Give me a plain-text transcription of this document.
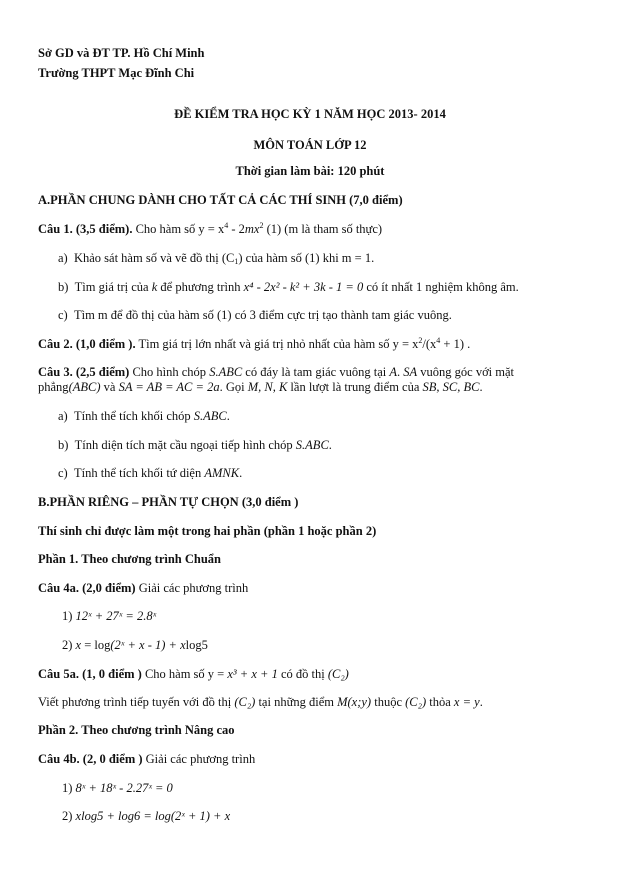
Sở GD và ĐT TP. Hồ Chí Minh
Trường THPT Mạc Đĩnh Chi
ĐỀ KIỂM TRA HỌC KỲ 1 NĂM HỌC 2013- 2014
MÔN TOÁN LỚP 12
Thời gian làm bài: 120 phút
A.PHẦN CHUNG DÀNH CHO TẤT CẢ CÁC THÍ SINH (7,0 điểm)
Câu 1. (3,5 điểm). Cho hàm số $y = x^4 - 2mx^2$ (1) (m là tham số thực)
a) Khảo sát hàm số và vẽ đồ thị $(C_1)$ của hàm số (1) khi m = 1.
b) Tìm giá trị của k để phương trình x⁴ - 2x² - k² + 3k - 1 = 0 có ít nhất 1 nghiệm không âm.
c) Tìm m để đồ thị của hàm số (1) có 3 điểm cực trị tạo thành tam giác vuông.
Câu 2. (1,0 điểm ). Tìm giá trị lớn nhất và giá trị nhỏ nhất của hàm số $y = x^2/(x^4 + 1)$ .
Câu 3. (2,5 điểm) Cho hình chóp S.ABC có đáy là tam giác vuông tại A. SA vuông góc với mặt
phẳng(ABC) và SA = AB = AC = 2a. Gọi M, N, K lần lượt là trung điểm của SB, SC, BC.
a) Tính thể tích khối chóp S.ABC.
b) Tính diện tích mặt cầu ngoại tiếp hình chóp S.ABC.
c) Tính thể tích khối tứ diện AMNK.
B.PHẦN RIÊNG – PHẦN TỰ CHỌN (3,0 điểm )
Thí sinh chỉ được làm một trong hai phần (phần 1 hoặc phần 2)
Phần 1. Theo chương trình Chuẩn
Câu 4a. (2,0 điểm) Giải các phương trình
1) 12ˣ + 27ˣ = 2.8ˣ
2) x = log(2ˣ + x - 1) + xlog5
Câu 5a. (1, 0 điểm ) Cho hàm số y = x³ + x + 1 có đồ thị (C₂)
Viết phương trình tiếp tuyến với đồ thị (C₂) tại những điểm M(x;y) thuộc (C₂) thỏa x = y.
Phần 2. Theo chương trình Nâng cao
Câu 4b. (2, 0 điểm ) Giải các phương trình
1) 8ˣ + 18ˣ - 2.27ˣ = 0
2) xlog5 + log6 = log(2ˣ + 1) + x
